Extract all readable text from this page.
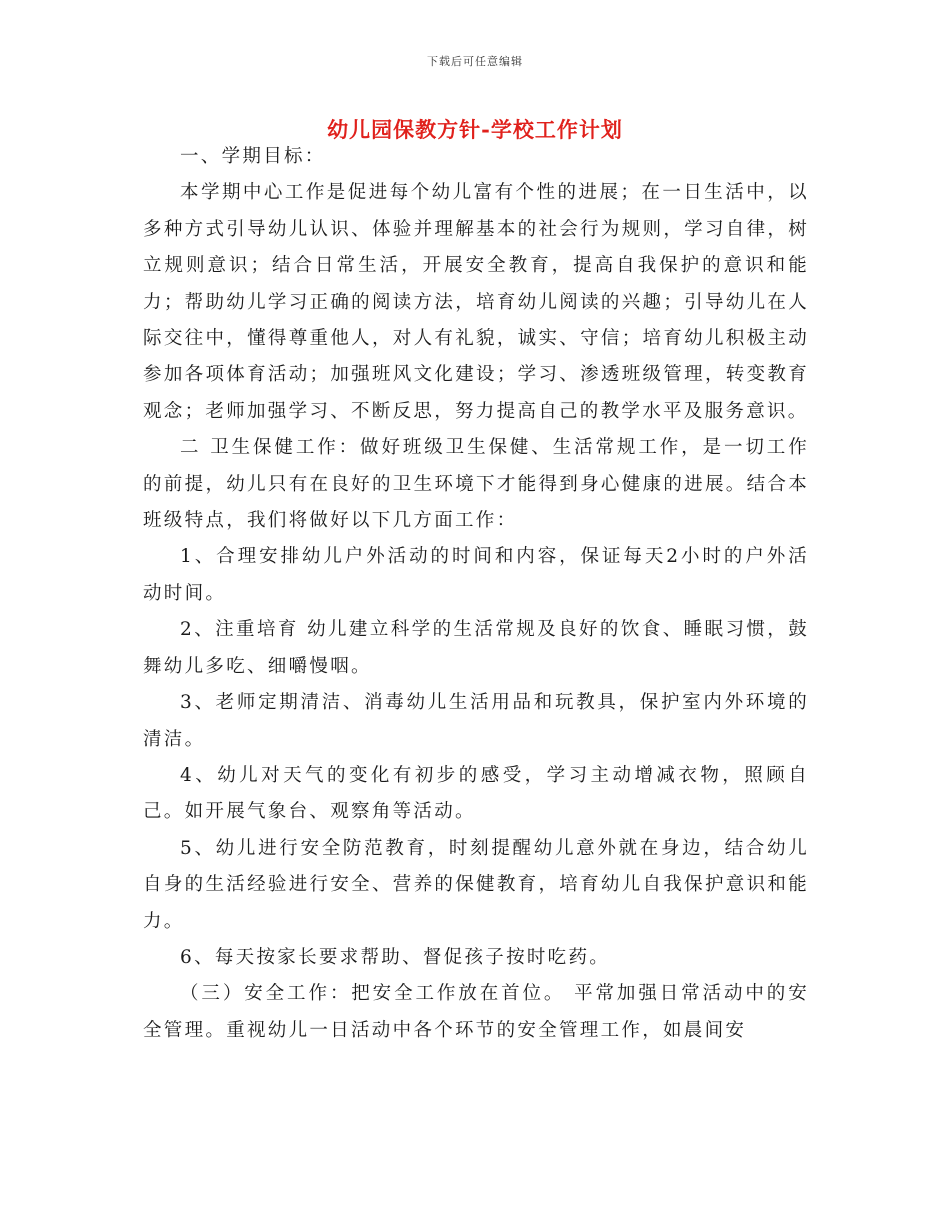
下载后可任意编辑
幼儿园保教方针-学校工作计划

一、学期目标：

本学期中心工作是促进每个幼儿富有个性的进展；在一日生活中，以多种方式引导幼儿认识、体验并理解基本的社会行为规则，学习自律，树立规则意识；结合日常生活，开展安全教育，提高自我保护的意识和能力；帮助幼儿学习正确的阅读方法，培育幼儿阅读的兴趣；引导幼儿在人际交往中，懂得尊重他人，对人有礼貌，诚实、守信；培育幼儿积极主动参加各项体育活动；加强班风文化建设；学习、渗透班级管理，转变教育观念；老师加强学习、不断反思，努力提高自己的教学水平及服务意识。

二 卫生保健工作：做好班级卫生保健、生活常规工作，是一切工作的前提，幼儿只有在良好的卫生环境下才能得到身心健康的进展。结合本班级特点，我们将做好以下几方面工作：

1、合理安排幼儿户外活动的时间和内容，保证每天2小时的户外活动时间。

2、注重培育 幼儿建立科学的生活常规及良好的饮食、睡眠习惯，鼓舞幼儿多吃、细嚼慢咽。

3、老师定期清洁、消毒幼儿生活用品和玩教具，保护室内外环境的清洁。

4、幼儿对天气的变化有初步的感受，学习主动增减衣物，照顾自己。如开展气象台、观察角等活动。

5、幼儿进行安全防范教育，时刻提醒幼儿意外就在身边，结合幼儿自身的生活经验进行安全、营养的保健教育，培育幼儿自我保护意识和能力。

6、每天按家长要求帮助、督促孩子按时吃药。

（三）安全工作：把安全工作放在首位。 平常加强日常活动中的安全管理。重视幼儿一日活动中各个环节的安全管理工作，如晨间安
